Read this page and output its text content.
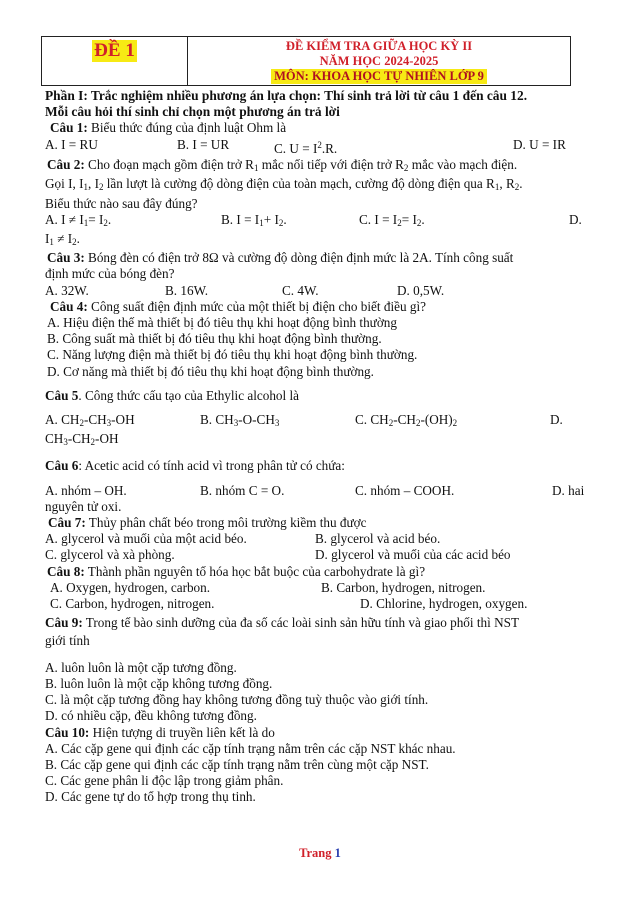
ĐỀ 1	ĐỀ KIỂM TRA GIỮA HỌC KỲ II
NĂM HỌC 2024-2025
MÔN: KHOA HỌC TỰ NHIÊN LỚP 9

Phần I: Trắc nghiệm nhiều phương án lựa chọn: Thí sinh trả lời từ câu 1 đến câu 12.

Mỗi câu hỏi thí sinh chỉ chọn một phương án trả lời

Câu 1: Biểu thức đúng của định luật Ohm là

A. I = RU	B. I = UR	C. $U = I^2.R$.	D. U = IR

Câu 2: Cho đoạn mạch gồm điện trở $R_1$ mắc nối tiếp với điện trở $R_2$ mắc vào mạch điện.

Gọi I, $I_1$, $I_2$ lần lượt là cường độ dòng điện của toàn mạch, cường độ dòng điện qua $R_1$, $R_2$.

Biểu thức nào sau đây đúng?

A. $I \ne I_1= I_2$.	B. $I = I_1+ I_2$.	C. $I = I_2= I_2$.	D.

$I_1 \ne I_2$.

Câu 3: Bóng đèn có điện trở 8Ω và cường độ dòng điện định mức là 2A. Tính công suất

định mức của bóng đèn?

A. 32W.	B. 16W.	C. 4W.	D. 0,5W.

Câu 4: Công suất điện định mức của một thiết bị điện cho biết điều gì?

A. Hiệu điện thế mà thiết bị đó tiêu thụ khi hoạt động bình thường

B. Công suất mà thiết bị đó tiêu thụ khi hoạt động bình thường.

C. Năng lượng điện mà thiết bị đó tiêu thụ khi hoạt động bình thường.

D. Cơ năng mà thiết bị đó tiêu thụ khi hoạt động bình thường.

Câu 5. Công thức cấu tạo của Ethylic alcohol là

A. $CH_2-CH_3-OH$	B. $CH_3-O-CH_3$	C. $CH_2-CH_2-(OH)_2$	D.

$CH_3-CH_2-OH$

Câu 6: Acetic acid có tính acid vì trong phân tử có chứa:

A. nhóm – OH.	B. nhóm C = O.	C. nhóm – COOH.	D. hai

nguyên tử oxi.

Câu 7: Thủy phân chất béo trong môi trường kiềm thu được

A. glycerol và muối của một acid béo.	B. glycerol và acid béo.
C. glycerol và xà phòng.	D. glycerol và muối của các acid béo

Câu 8: Thành phần nguyên tố hóa học bắt buộc của carbohydrate là gì?

A. Oxygen, hydrogen, carbon.	B. Carbon, hydrogen, nitrogen.
C. Carbon, hydrogen, nitrogen.	D. Chlorine, hydrogen, oxygen.

Câu 9: Trong tế bào sinh dưỡng của đa số các loài sinh sản hữu tính và giao phối thì NST

giới tính

A. luôn luôn là một cặp tương đồng.

B. luôn luôn là một cặp không tương đồng.

C. là một cặp tương đồng hay không tương đồng tuỳ thuộc vào giới tính.

D. có nhiều cặp, đều không tương đồng.

Câu 10: Hiện tượng di truyền liên kết là do

A. Các cặp gene qui định các cặp tính trạng nằm trên các cặp NST khác nhau.

B. Các cặp gene qui định các cặp tính trạng nằm trên cùng một cặp NST.

C. Các gene phân li độc lập trong giảm phân.

D. Các gene tự do tổ hợp trong thụ tinh.

Trang 1
